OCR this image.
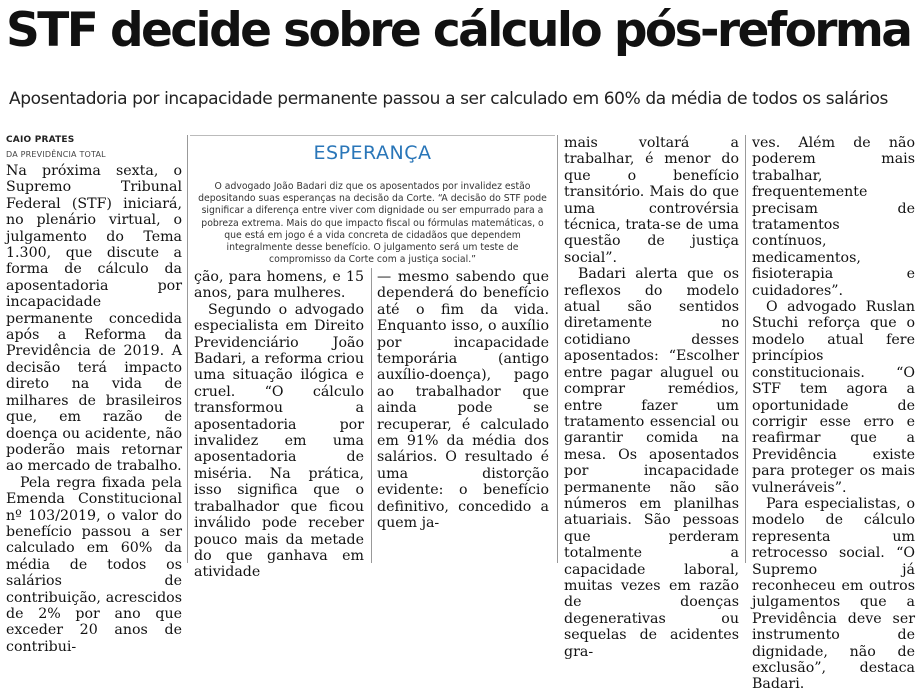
STF decide sobre cálculo pós-reforma
Aposentadoria por incapacidade permanente passou a ser calculado em 60% da média de todos os salários
CAIO PRATES
DA PREVIDÊNCIA TOTAL

Na próxima sexta, o Supremo Tribunal Federal (STF) iniciará, no plenário virtual, o julgamento do Tema 1.300, que discute a forma de cálculo da aposentadoria por incapacidade permanente concedida após a Reforma da Previdência de 2019. A decisão terá impacto direto na vida de milhares de brasileiros que, em razão de doença ou acidente, não poderão mais retornar ao mercado de trabalho.

Pela regra fixada pela Emenda Constitucional nº 103/2019, o valor do benefício passou a ser calculado em 60% da média de todos os salários de contribuição, acrescidos de 2% por ano que exceder 20 anos de contribui-

ESPERANÇA
O advogado João Badari diz que os aposentados por invalidez estão depositando suas esperanças na decisão da Corte. “A decisão do STF pode significar a diferença entre viver com dignidade ou ser empurrado para a pobreza extrema. Mais do que impacto fiscal ou fórmulas matemáticas, o que está em jogo é a vida concreta de cidadãos que dependem integralmente desse benefício. O julgamento será um teste de compromisso da Corte com a justiça social.”

ção, para homens, e 15 anos, para mulheres.

Segundo o advogado especialista em Direito Previdenciário João Badari, a reforma criou uma situação ilógica e cruel. “O cálculo transformou a aposentadoria por invalidez em uma aposentadoria de miséria. Na prática, isso significa que o trabalhador que ficou inválido pode receber pouco mais da metade do que ganhava em atividade

— mesmo sabendo que dependerá do benefício até o fim da vida. Enquanto isso, o auxílio por incapacidade temporária (antigo auxílio-doença), pago ao trabalhador que ainda pode se recuperar, é calculado em 91% da média dos salários. O resultado é uma distorção evidente: o benefício definitivo, concedido a quem ja-

mais voltará a trabalhar, é menor do que o benefício transitório. Mais do que uma controvérsia técnica, trata-se de uma questão de justiça social”.

Badari alerta que os reflexos do modelo atual são sentidos diretamente no cotidiano desses aposentados: “Escolher entre pagar aluguel ou comprar remédios, entre fazer um tratamento essencial ou garantir comida na mesa. Os aposentados por incapacidade permanente não são números em planilhas atuariais. São pessoas que perderam totalmente a capacidade laboral, muitas vezes em razão de doenças degenerativas ou sequelas de acidentes gra-

ves. Além de não poderem mais trabalhar, frequentemente precisam de tratamentos contínuos, medicamentos, fisioterapia e cuidadores”.

O advogado Ruslan Stuchi reforça que o modelo atual fere princípios constitucionais. “O STF tem agora a oportunidade de corrigir esse erro e reafirmar que a Previdência existe para proteger os mais vulneráveis”.

Para especialistas, o modelo de cálculo representa um retrocesso social. “O Supremo já reconheceu em outros julgamentos que a Previdência deve ser instrumento de dignidade, não de exclusão”, destaca Badari.
